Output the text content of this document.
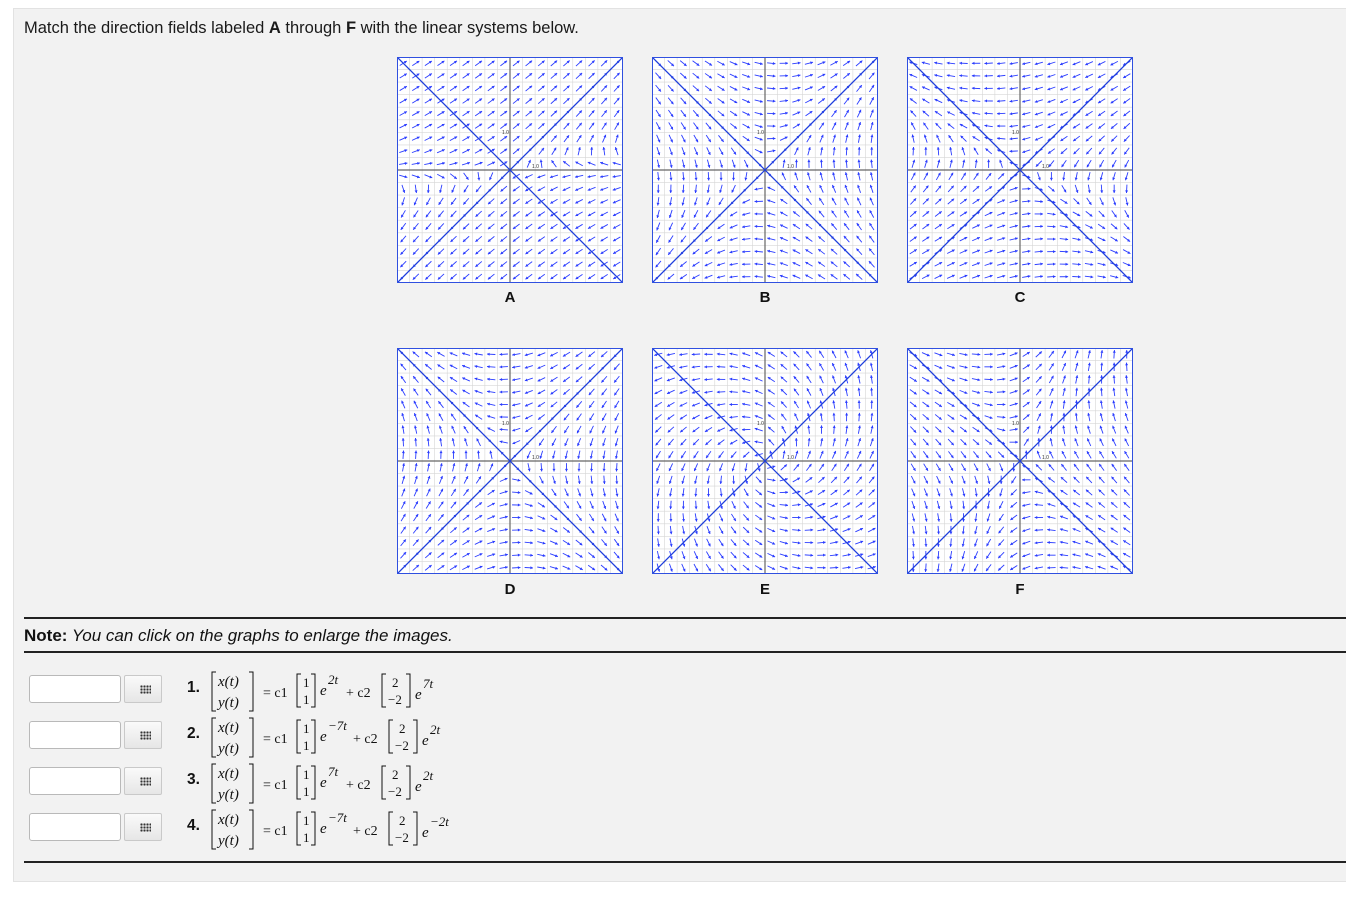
Match the direction fields labeled A through F with the linear systems below.
1.0
1.0
1.0
1.0
1.0
1.0
1.0
1.0
1.0
1.0
1.0
1.0
A	B	C
D	E	F
Note: You can click on the graphs to enlarge the images.
1. x(t)
y(t)
= c1
1
1
e
2t
+ c2
2
−2 e
7t
2. x(t)
y(t)
= c1
1
1
e
−7t
+ c2
2
−2 e
2t
3. x(t)
y(t)
= c1
1
1
e
7t
+ c2
2
−2 e
2t
4. x(t)
y(t)
= c1
1
1
e
−7t
+ c2
2
−2 e
−2t
